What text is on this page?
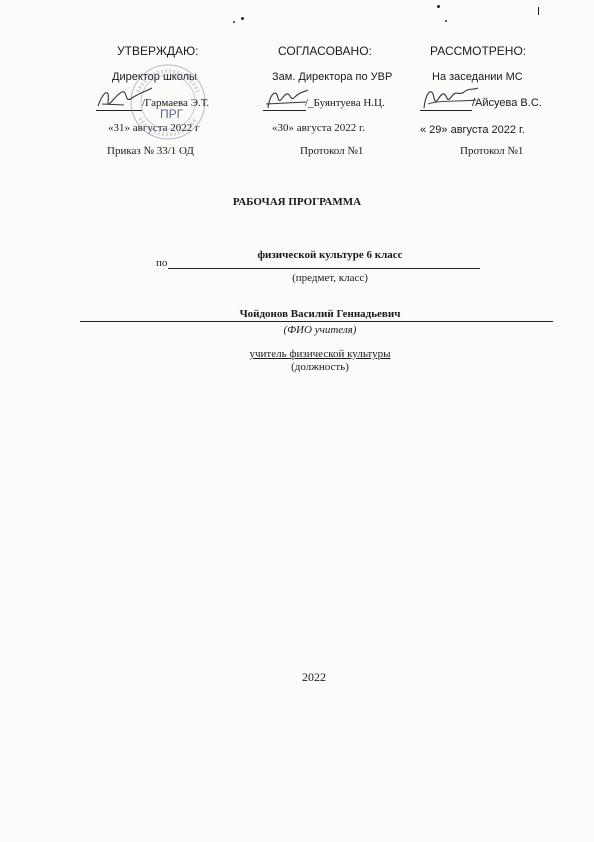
УТВЕРЖДАЮ:
Директор школы
/Гармаева Э.Т.
«31» августа 2022 г
Приказ № 33/1 ОД
ПРГ
СОГЛАСОВАНО:
Зам. Директора по УВР
/_Буянтуева Н.Ц.
«30» августа 2022 г.
Протокол №1
РАССМОТРЕНО:
На заседании МС
/Айсуева В.С.
« 29» августа 2022 г.
Протокол №1
РАБОЧАЯ ПРОГРАММА
физической культуре 6 класс
по
(предмет, класс)
Чойдонов Василий Геннадьевич
(ФИО учителя)
учитель физической культуры
(должность)
2022
